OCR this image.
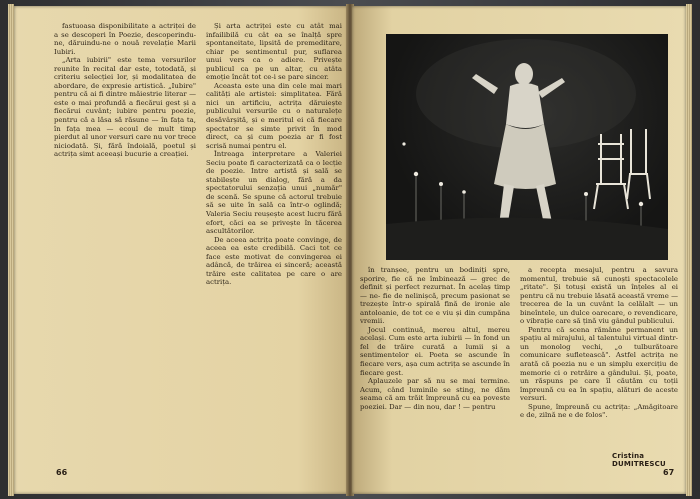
fastuoasa disponibilitate a actriței de a se descoperi în Poezie, descoperindu-ne, dăruindu-ne o nouă revelație Marii Iubiri.

„Arta iubirii" este tema versurilor reunite în recital dar este, totodată, și criteriu selecției lor, și modalitatea de abordare, de expresie artistică. „Iubire" pentru că ai fi dintre măiestrie literar — este o mai profundă a fiecărui gest și a fiecărui cuvânt; iubire pentru poezie, pentru că a lăsa să răsune — în fața ta, în fața mea — ecoul de mult timp pierdut al unor versuri care nu vor trece niciodată. Și, fără îndoială, poetul și actrița simt aceeași bucurie a creației.

Și arta actriței este cu atât mai infailibilă cu cât ea se înalță spre spontaneitate, lipsită de premeditare, chiar pe sentimentul pur, suflarea unui vers ca o adiere. Privește publicul ca pe un altar, cu atâta emoție încât tot ce-i se pare sincer.

Aceasta este una din cele mai mari calități ale artistei: simplitatea. Fără nici un artificiu, actrița dăruiește publicului versurile cu o naturalețe desăvârșită, și e meritul ei că fiecare spectator se simte privit în mod direct, ca și cum poezia ar fi fost scrisă numai pentru el.

Întreaga interpretare a Valeriei Seciu poate fi caracterizată ca o lecție de poezie. Intre artistă și sală se stabilește un dialog, fără a da spectatorului senzația unui „număr" de scenă. Se spune că actorul trebuie să se uite în sală ca într-o oglindă; Valeria Seciu reușește acest lucru fără efort, căci ea se privește în tăcerea ascultătorilor.

De aceea actrița poate convinge, de aceea ea este credibilă. Caci tot ce face este motivat de convingerea ei adâncă, de trăirea ei sinceră; această trăire este calitatea pe care o are actrița.

66

în tranșee, pentru un bodiniți spre, sporire, fie că ne îmbinează — grec de definit și perfect rezurnat. În acelaș timp — ne- fie de nelinișcă, precum pasionat se trezește într-o spirală fină de ironie ale antoloanie, de tot ce e viu și din cumpăna vremii.

Jocul continuă, mereu altul, mereu același. Cum este arta iubirii — în fond un fel de trăire curată a lumii și a sentimentelor ei. Poeta se ascunde în fiecare vers, așa cum actrița se ascunde în fiecare gest.

Aplauzele par să nu se mai termine. Acum, când luminile se sting, ne dăm seama că am trăit împreună cu ea poveste poeziei. Dar — din nou, dar ! — pentru

a recepta mesajul, pentru a savura momentul, trebuie să cunoști spectacolele „ritate". Și totuși există un înțeles al ei pentru că nu trebuie lăsată această vreme — trecerea de la un cuvânt la celălalt — un bineîntele, un dulce oarecare, o revendicare, o vibrație care să țină viu gândul publicului.

Pentru că scena rămâne permanent un spațiu al mirajului, al talentului virtual dintr-un monolog vechi, „o tulburătoare comunicare sufletească". Astfel actrița ne arată că poezia nu e un simplu exercițiu de memorie ci o retrăire a gândului. Și, poate, un răspuns pe care îl căutăm cu toții împreună cu ea în spațiu, alături de aceste versuri.

Spune, împreună cu actrița: „Amăgitoare e de, zilnă ne e de folos".

Cristina DUMITRESCU
67
